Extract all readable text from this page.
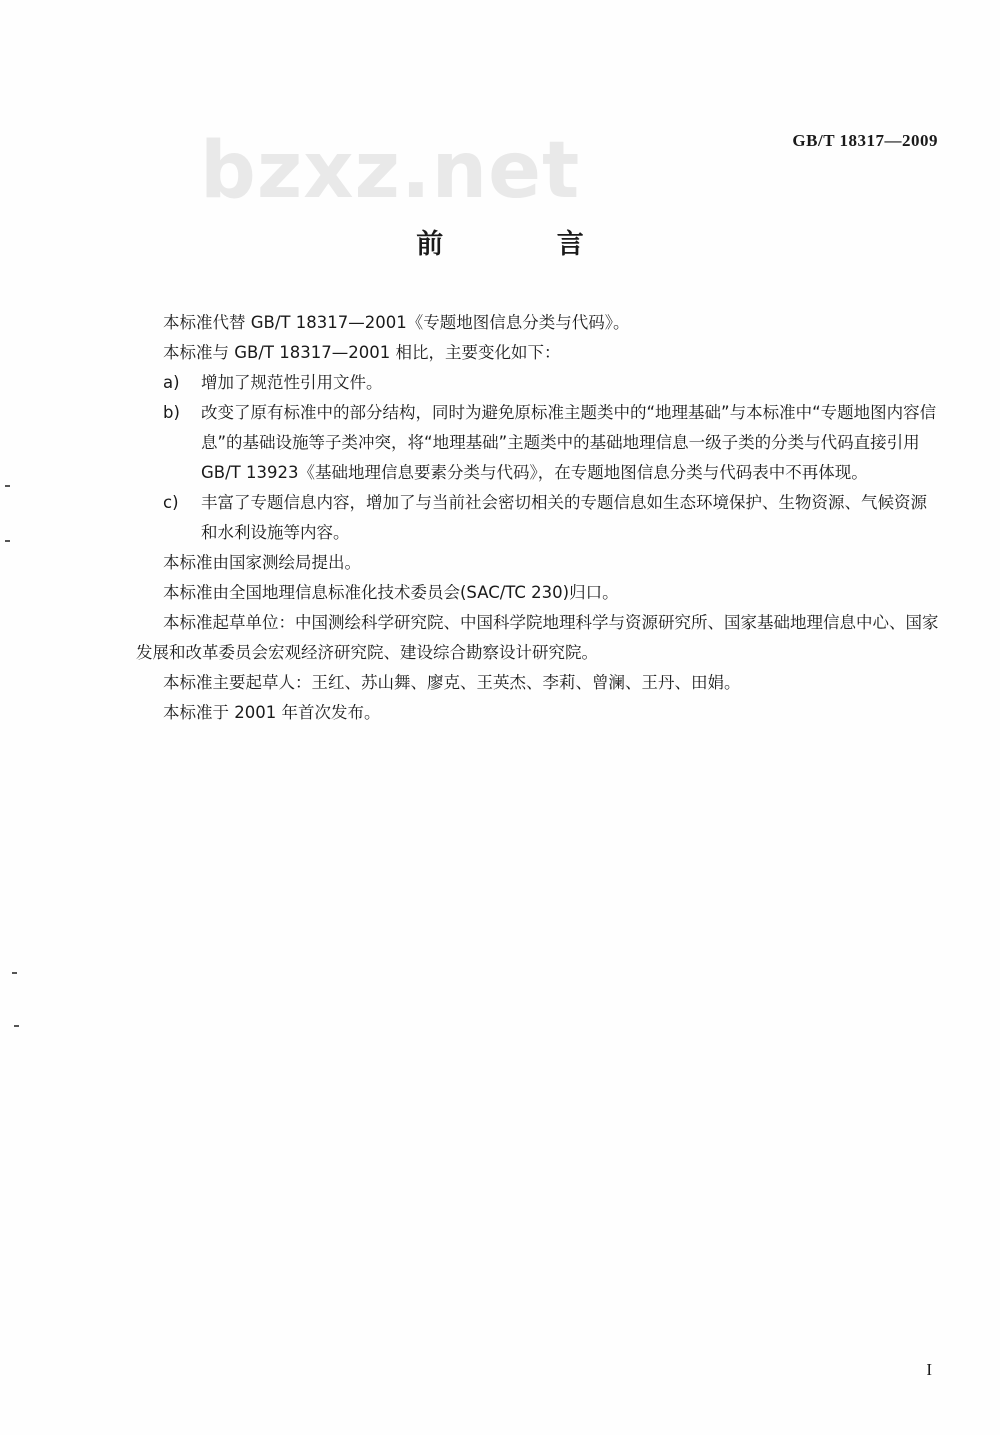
bzxz.net	GB/T 18317—2009
前 言

本标准代替 GB/T 18317—2001《专题地图信息分类与代码》。

本标准与 GB/T 18317—2001 相比，主要变化如下：

a)	增加了规范性引用文件。
b)	改变了原有标准中的部分结构，同时为避免原标准主题类中的“地理基础”与本标准中“专题地图内容信息”的基础设施等子类冲突，将“地理基础”主题类中的基础地理信息一级子类的分类与代码直接引用 GB/T 13923《基础地理信息要素分类与代码》，在专题地图信息分类与代码表中不再体现。
c)	丰富了专题信息内容，增加了与当前社会密切相关的专题信息如生态环境保护、生物资源、气候资源和水利设施等内容。

本标准由国家测绘局提出。

本标准由全国地理信息标准化技术委员会(SAC/TC 230)归口。

本标准起草单位：中国测绘科学研究院、中国科学院地理科学与资源研究所、国家基础地理信息中心、国家发展和改革委员会宏观经济研究院、建设综合勘察设计研究院。

本标准主要起草人：王红、苏山舞、廖克、王英杰、李莉、曾澜、王丹、田娟。

本标准于 2001 年首次发布。

I
